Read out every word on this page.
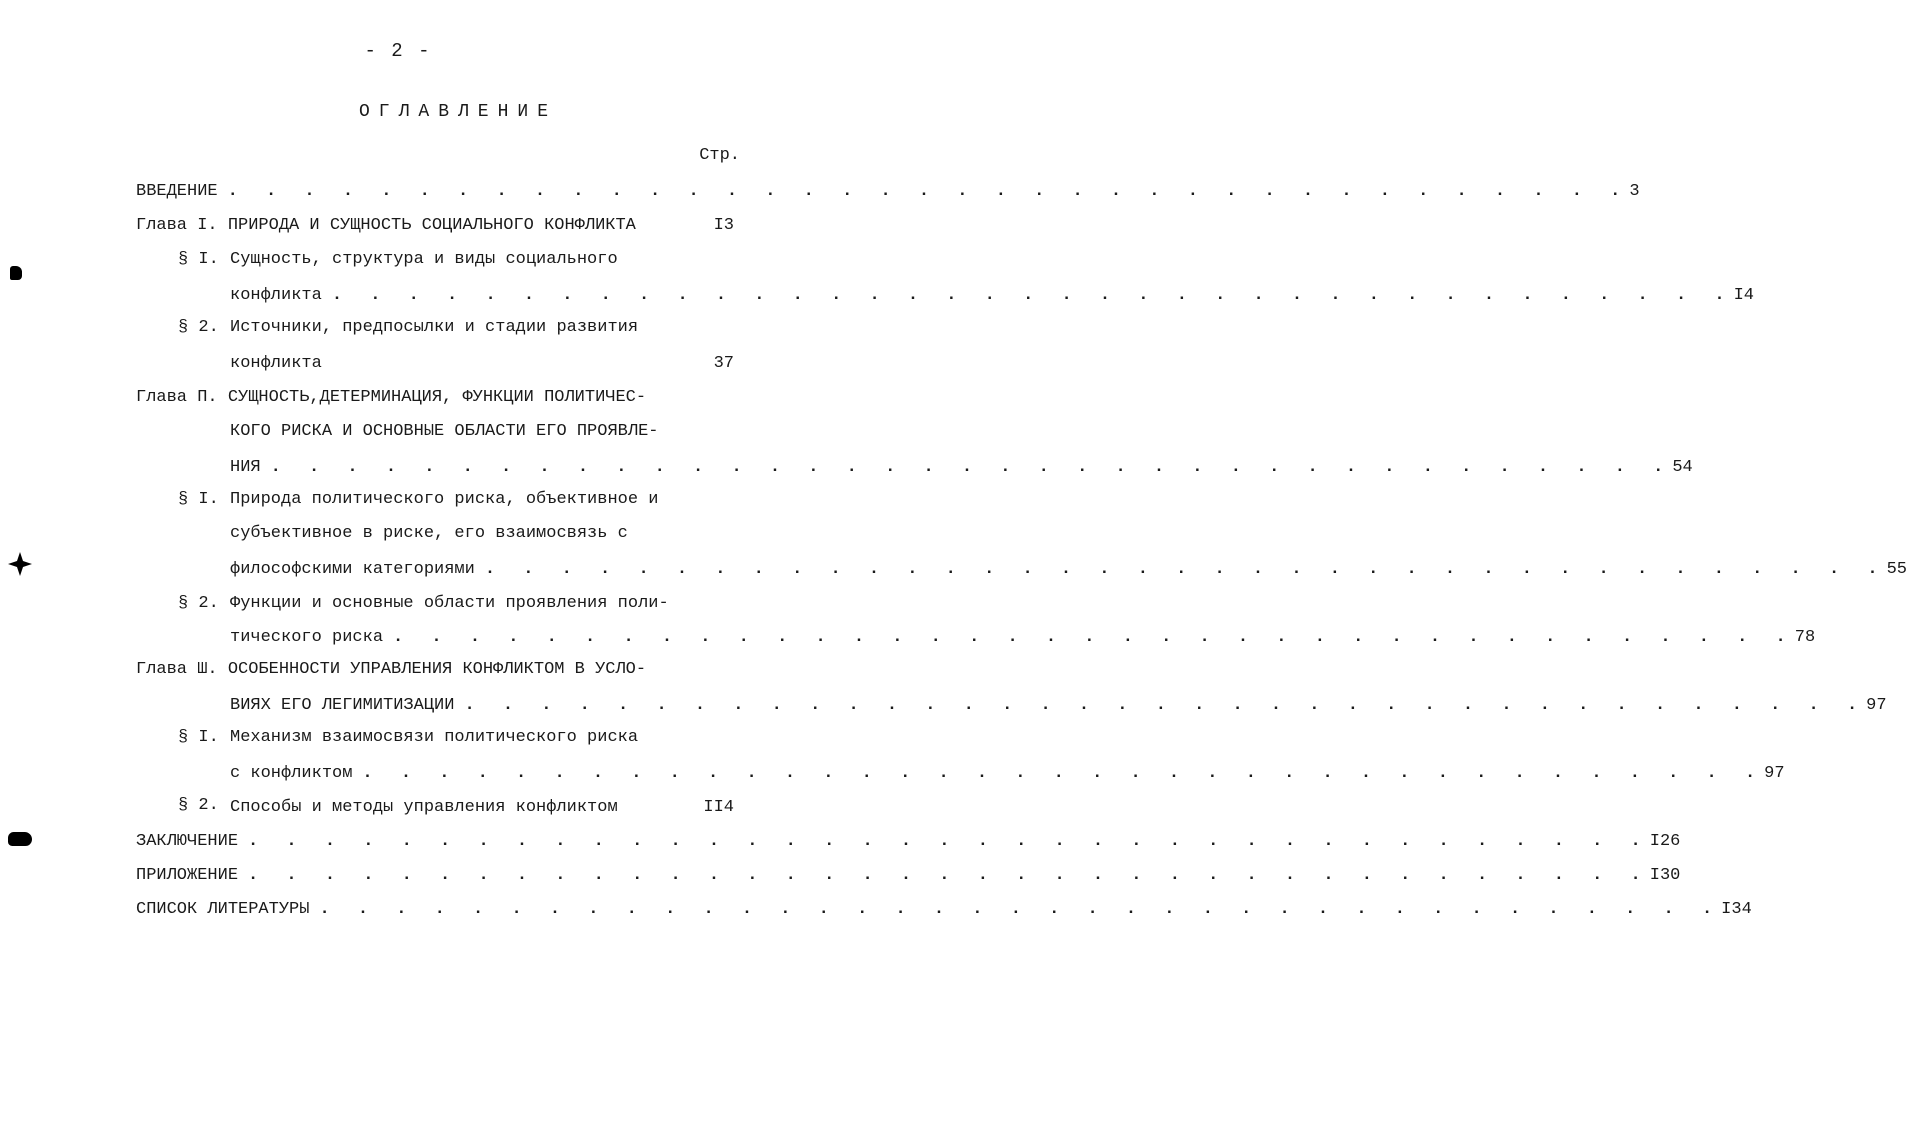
- 2 -
ОГЛАВЛЕНИЕ
Стр.
ВВЕДЕНИЕ . . . . . . . . . . . . . . . . . . . . . . . . . . . . . . . . . . . . . 3
Глава I. ПРИРОДА И СУЩНОСТЬ СОЦИАЛЬНОГО КОНФЛИКТА	I3
§ I. Сущность, структура и виды социального
конфликта . . . . . . . . . . . . . . . . . . . . . . . . . . . . . . . . . . . . . I4
§ 2. Источники, предпосылки и стадии развития
конфликта	37
Глава П. СУЩНОСТЬ,ДЕТЕРМИНАЦИЯ, ФУНКЦИИ ПОЛИТИЧЕС-
КОГО РИСКА И ОСНОВНЫЕ ОБЛАСТИ ЕГО ПРОЯВЛЕ-
НИЯ . . . . . . . . . . . . . . . . . . . . . . . . . . . . . . . . . . . . . 54
§ I. Природа политического риска, объективное и
субъективное в риске, его взаимосвязь с
философскими категориями . . . . . . . . . . . . . . . . . . . . . . . . . . . . . . . . . . . . . 55
§ 2. Функции и основные области проявления поли-
тического риска . . . . . . . . . . . . . . . . . . . . . . . . . . . . . . . . . . . . . 78
Глава Ш. ОСОБЕННОСТИ УПРАВЛЕНИЯ КОНФЛИКТОМ В УСЛО-
ВИЯХ ЕГО ЛЕГИМИТИЗАЦИИ . . . . . . . . . . . . . . . . . . . . . . . . . . . . . . . . . . . . . 97
§ I. Механизм взаимосвязи политического риска
с конфликтом . . . . . . . . . . . . . . . . . . . . . . . . . . . . . . . . . . . . . 97
§ 2. Способы и методы управления конфликтом	II4
ЗАКЛЮЧЕНИЕ . . . . . . . . . . . . . . . . . . . . . . . . . . . . . . . . . . . . . I26
ПРИЛОЖЕНИЕ . . . . . . . . . . . . . . . . . . . . . . . . . . . . . . . . . . . . . I30
СПИСОК ЛИТЕРАТУРЫ . . . . . . . . . . . . . . . . . . . . . . . . . . . . . . . . . . . . . I34
